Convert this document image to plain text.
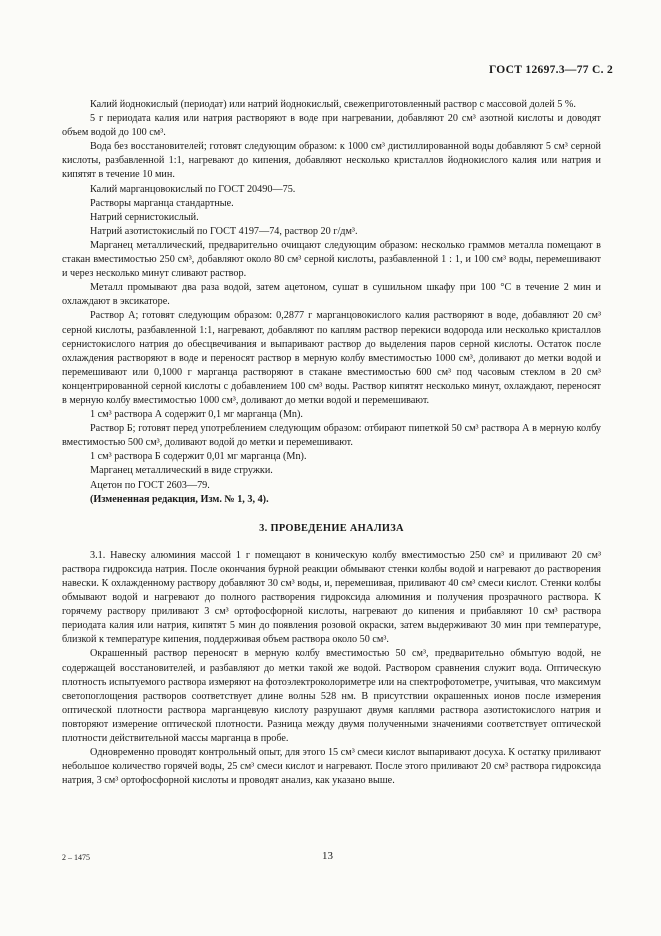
ГОСТ 12697.3—77 С. 2

Калий йоднокислый (периодат) или натрий йоднокислый, свежеприготовленный раствор с массовой долей 5 %.

5 г периодата калия или натрия растворяют в воде при нагревании, добавляют 20 см³ азотной кислоты и доводят объем водой до 100 см³.

Вода без восстановителей; готовят следующим образом: к 1000 см³ дистиллированной воды добавляют 5 см³ серной кислоты, разбавленной 1:1, нагревают до кипения, добавляют несколько кристаллов йоднокислого калия или натрия и кипятят в течение 10 мин.

Калий марганцовокислый по ГОСТ 20490—75.

Растворы марганца стандартные.

Натрий сернистокислый.

Натрий азотистокислый по ГОСТ 4197—74, раствор 20 г/дм³.

Марганец металлический, предварительно очищают следующим образом: несколько граммов металла помещают в стакан вместимостью 250 см³, добавляют около 80 см³ серной кислоты, разбавленной 1 : 1, и 100 см³ воды, перемешивают и через несколько минут сливают раствор.

Металл промывают два раза водой, затем ацетоном, сушат в сушильном шкафу при 100 °С в течение 2 мин и охлаждают в эксикаторе.

Раствор А; готовят следующим образом: 0,2877 г марганцовокислого калия растворяют в воде, добавляют 20 см³ серной кислоты, разбавленной 1:1, нагревают, добавляют по каплям раствор перекиси водорода или несколько кристаллов сернистокислого натрия до обесцвечивания и выпаривают раствор до выделения паров серной кислоты. Остаток после охлаждения растворяют в воде и переносят раствор в мерную колбу вместимостью 1000 см³, доливают до метки водой и перемешивают или 0,1000 г марганца растворяют в стакане вместимостью 600 см³ под часовым стеклом в 20 см³ концентрированной серной кислоты с добавлением 100 см³ воды. Раствор кипятят несколько минут, охлаждают, переносят в мерную колбу вместимостью 1000 см³, доливают до метки водой и перемешивают.

1 см³ раствора А содержит 0,1 мг марганца (Mn).

Раствор Б; готовят перед употреблением следующим образом: отбирают пипеткой 50 см³ раствора А в мерную колбу вместимостью 500 см³, доливают водой до метки и перемешивают.

1 см³ раствора Б содержит 0,01 мг марганца (Mn).

Марганец металлический в виде стружки.

Ацетон по ГОСТ 2603—79.

(Измененная редакция, Изм. № 1, 3, 4).

3. ПРОВЕДЕНИЕ АНАЛИЗА

3.1. Навеску алюминия массой 1 г помещают в коническую колбу вместимостью 250 см³ и приливают 20 см³ раствора гидроксида натрия. После окончания бурной реакции обмывают стенки колбы водой и нагревают до растворения навески. К охлажденному раствору добавляют 30 см³ воды, и, перемешивая, приливают 40 см³ смеси кислот. Стенки колбы обмывают водой и нагревают до полного растворения гидроксида алюминия и получения прозрачного раствора. К горячему раствору приливают 3 см³ ортофосфорной кислоты, нагревают до кипения и прибавляют 10 см³ раствора периодата калия или натрия, кипятят 5 мин до появления розовой окраски, затем выдерживают 30 мин при температуре, близкой к температуре кипения, поддерживая объем раствора около 50 см³.

Окрашенный раствор переносят в мерную колбу вместимостью 50 см³, предварительно обмытую водой, не содержащей восстановителей, и разбавляют до метки такой же водой. Раствором сравнения служит вода. Оптическую плотность испытуемого раствора измеряют на фотоэлектроколориметре или на спектрофотометре, учитывая, что максимум светопоглощения растворов соответствует длине волны 528 нм. В присутствии окрашенных ионов после измерения оптической плотности раствора марганцевую кислоту разрушают двумя каплями раствора азотистокислого натрия и повторяют измерение оптической плотности. Разница между двумя полученными значениями соответствует оптической плотности действительной массы марганца в пробе.

Одновременно проводят контрольный опыт, для этого 15 см³ смеси кислот выпаривают досуха. К остатку приливают небольшое количество горячей воды, 25 см³ смеси кислот и нагревают. После этого приливают 20 см³ раствора гидроксида натрия, 3 см³ ортофосфорной кислоты и проводят анализ, как указано выше.

2 – 1475	13
